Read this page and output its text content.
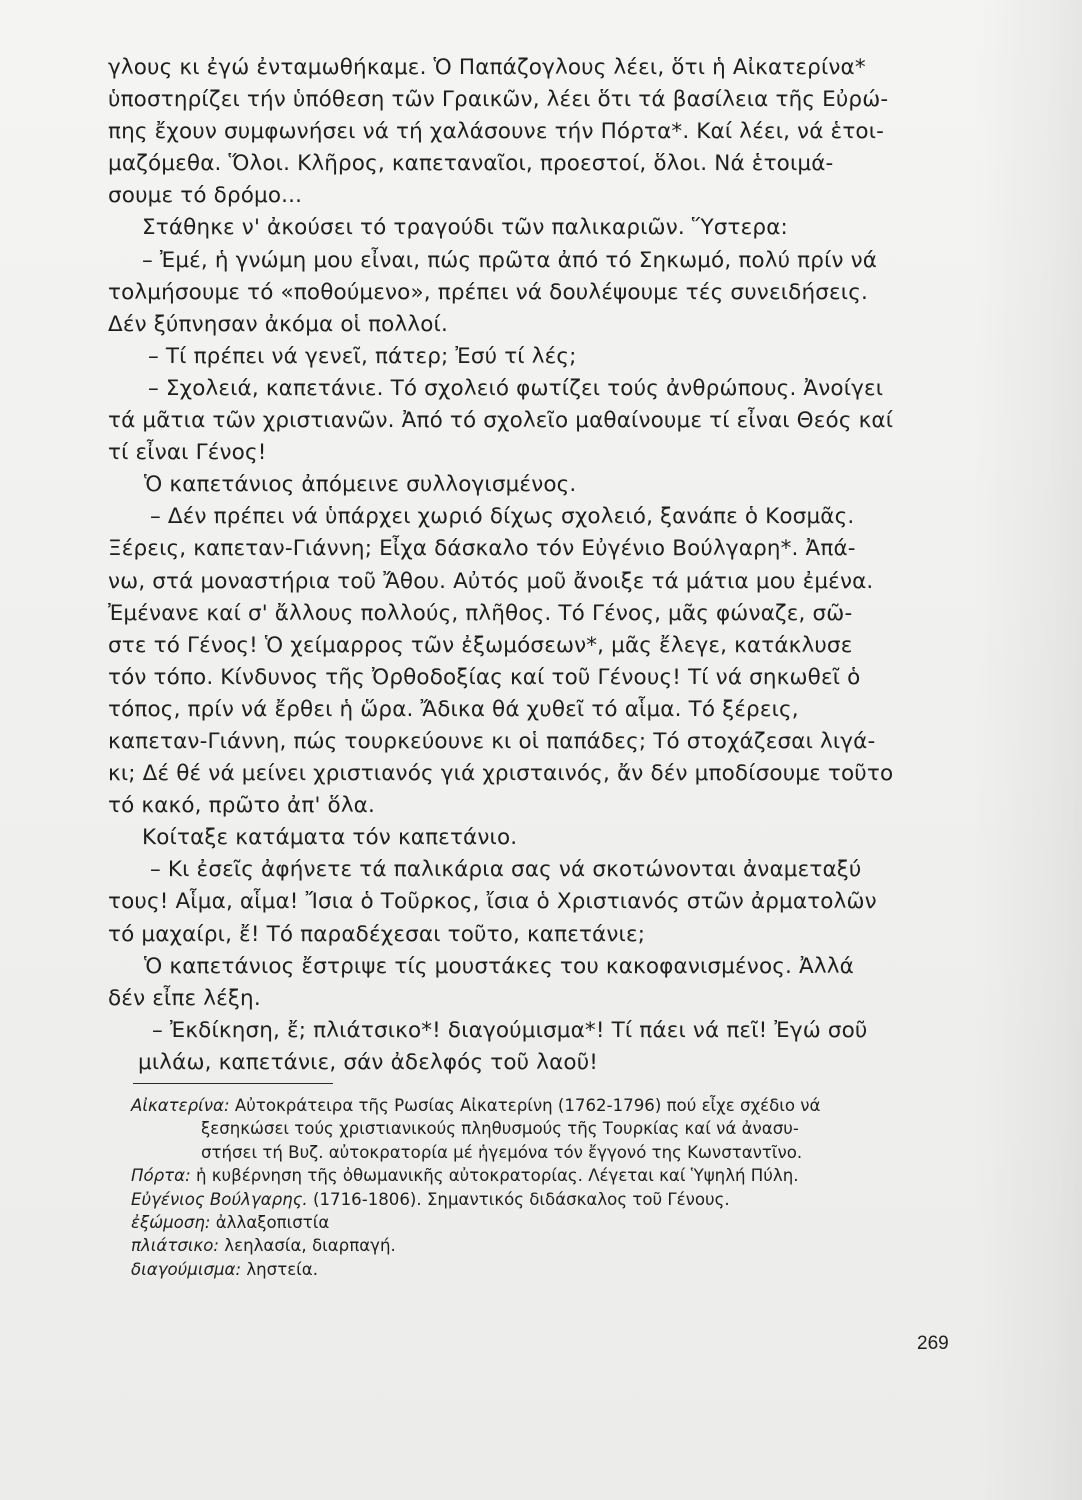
γλους κι ἐγώ ἐνταμωθήκαμε. Ὁ Παπάζογλους λέει, ὅτι ἡ Αἰκατερίνα*
ὑποστηρίζει τήν ὑπόθεση τῶν Γραικῶν, λέει ὅτι τά βασίλεια τῆς Εὐρώ-
πης ἔχουν συμφωνήσει νά τή χαλάσουνε τήν Πόρτα*. Καί λέει, νά ἑτοι-
μαζόμεθα. Ὅλοι. Κλῆρος, καπεταναῖοι, προεστοί, ὅλοι. Νά ἑτοιμά-
σουμε τό δρόμο...
Στάθηκε ν' ἀκούσει τό τραγούδι τῶν παλικαριῶν. Ὕστερα:
– Ἐμέ, ἡ γνώμη μου εἶναι, πώς πρῶτα ἀπό τό Σηκωμό, πολύ πρίν νά
τολμήσουμε τό «ποθούμενο», πρέπει νά δουλέψουμε τές συνειδήσεις.
Δέν ξύπνησαν ἀκόμα οἱ πολλοί.
– Τί πρέπει νά γενεῖ, πάτερ; Ἐσύ τί λές;
– Σχολειά, καπετάνιε. Τό σχολειό φωτίζει τούς ἀνθρώπους. Ἀνοίγει
τά μᾶτια τῶν χριστιανῶν. Ἀπό τό σχολεῖο μαθαίνουμε τί εἶναι Θεός καί
τί εἶναι Γένος!
Ὁ καπετάνιος ἀπόμεινε συλλογισμένος.
– Δέν πρέπει νά ὑπάρχει χωριό δίχως σχολειό, ξανάπε ὁ Κοσμᾶς.
Ξέρεις, καπεταν-Γιάννη; Εἶχα δάσκαλο τόν Εὐγένιο Βούλγαρη*. Ἀπά-
νω, στά μοναστήρια τοῦ Ἄθου. Αὐτός μοῦ ἄνοιξε τά μάτια μου ἐμένα.
Ἐμένανε καί σ' ἄλλους πολλούς, πλῆθος. Τό Γένος, μᾶς φώναζε, σῶ-
στε τό Γένος! Ὁ χείμαρρος τῶν ἐξωμόσεων*, μᾶς ἔλεγε, κατάκλυσε
τόν τόπο. Κίνδυνος τῆς Ὀρθοδοξίας καί τοῦ Γένους! Τί νά σηκωθεῖ ὁ
τόπος, πρίν νά ἔρθει ἡ ὥρα. Ἄδικα θά χυθεῖ τό αἷμα. Τό ξέρεις,
καπεταν-Γιάννη, πώς τουρκεύουνε κι οἱ παπάδες; Τό στοχάζεσαι λιγά-
κι; Δέ θέ νά μείνει χριστιανός γιά χρισταινός, ἄν δέν μποδίσουμε τοῦτο
τό κακό, πρῶτο ἀπ' ὅλα.
Κοίταξε κατάματα τόν καπετάνιο.
– Κι ἐσεῖς ἀφήνετε τά παλικάρια σας νά σκοτώνονται ἀναμεταξύ
τους! Αἷμα, αἷμα! Ἴσια ὁ Τοῦρκος, ἴσια ὁ Χριστιανός στῶν ἀρματολῶν
τό μαχαίρι, ἔ! Τό παραδέχεσαι τοῦτο, καπετάνιε;
Ὁ καπετάνιος ἔστριψε τίς μουστάκες του κακοφανισμένος. Ἀλλά
δέν εἶπε λέξη.
– Ἐκδίκηση, ἔ; πλιάτσικο*! διαγούμισμα*! Τί πάει νά πεῖ! Ἐγώ σοῦ
μιλάω, καπετάνιε, σάν ἀδελφός τοῦ λαοῦ!
Αἰκατερίνα: Αὐτοκράτειρα τῆς Ρωσίας Αἰκατερίνη (1762-1796) πού εἶχε σχέδιο νά
ξεσηκώσει τούς χριστιανικούς πληθυσμούς τῆς Τουρκίας καί νά ἀνασυ-
στήσει τή Βυζ. αὐτοκρατορία μέ ἡγεμόνα τόν ἔγγονό της Κωνσταντῖνο.
Πόρτα: ἡ κυβέρνηση τῆς ὀθωμανικῆς αὐτοκρατορίας. Λέγεται καί Ὑψηλή Πύλη.
Εὐγένιος Βούλγαρης. (1716-1806). Σημαντικός διδάσκαλος τοῦ Γένους.
ἐξώμοση: ἀλλαξοπιστία
πλιάτσικο: λεηλασία, διαρπαγή.
διαγούμισμα: ληστεία.
269
